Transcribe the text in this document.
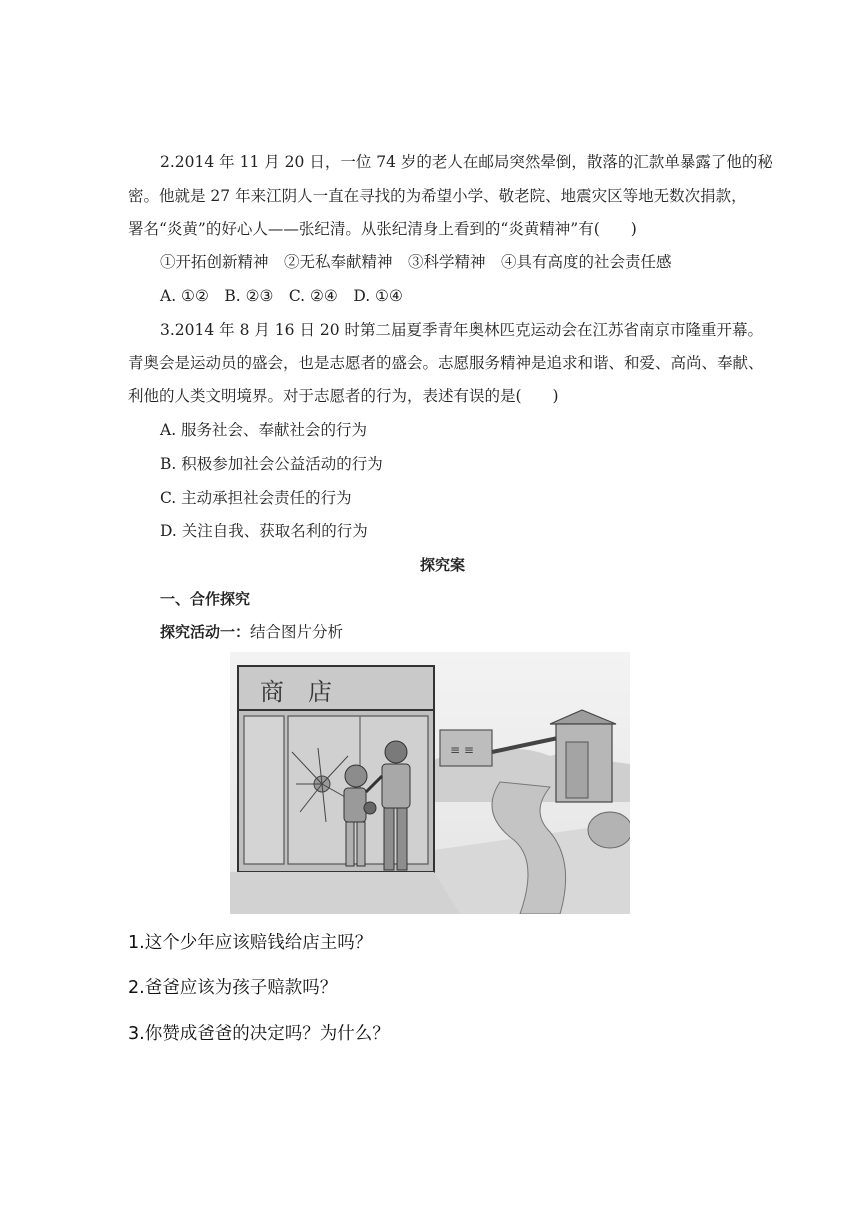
2.2014 年 11 月 20 日，一位 74 岁的老人在邮局突然晕倒，散落的汇款单暴露了他的秘
密。他就是 27 年来江阴人一直在寻找的为希望小学、敬老院、地震灾区等地无数次捐款，
署名“炎黄”的好心人——张纪清。从张纪清身上看到的“炎黄精神”有(　　)
①开拓创新精神　②无私奉献精神　③科学精神　④具有高度的社会责任感
A. ①②　B. ②③　C. ②④　D. ①④
3.2014 年 8 月 16 日 20 时第二届夏季青年奥林匹克运动会在江苏省南京市隆重开幕。
青奥会是运动员的盛会，也是志愿者的盛会。志愿服务精神是追求和谐、和爱、高尚、奉献、
利他的人类文明境界。对于志愿者的行为，表述有误的是(　　)
A. 服务社会、奉献社会的行为
B. 积极参加社会公益活动的行为
C. 主动承担社会责任的行为
D. 关注自我、获取名利的行为
探究案
一、合作探究
探究活动一：结合图片分析
≡ ≡
商　店
1.这个少年应该赔钱给店主吗？
2.爸爸应该为孩子赔款吗？
3.你赞成爸爸的决定吗？为什么？
